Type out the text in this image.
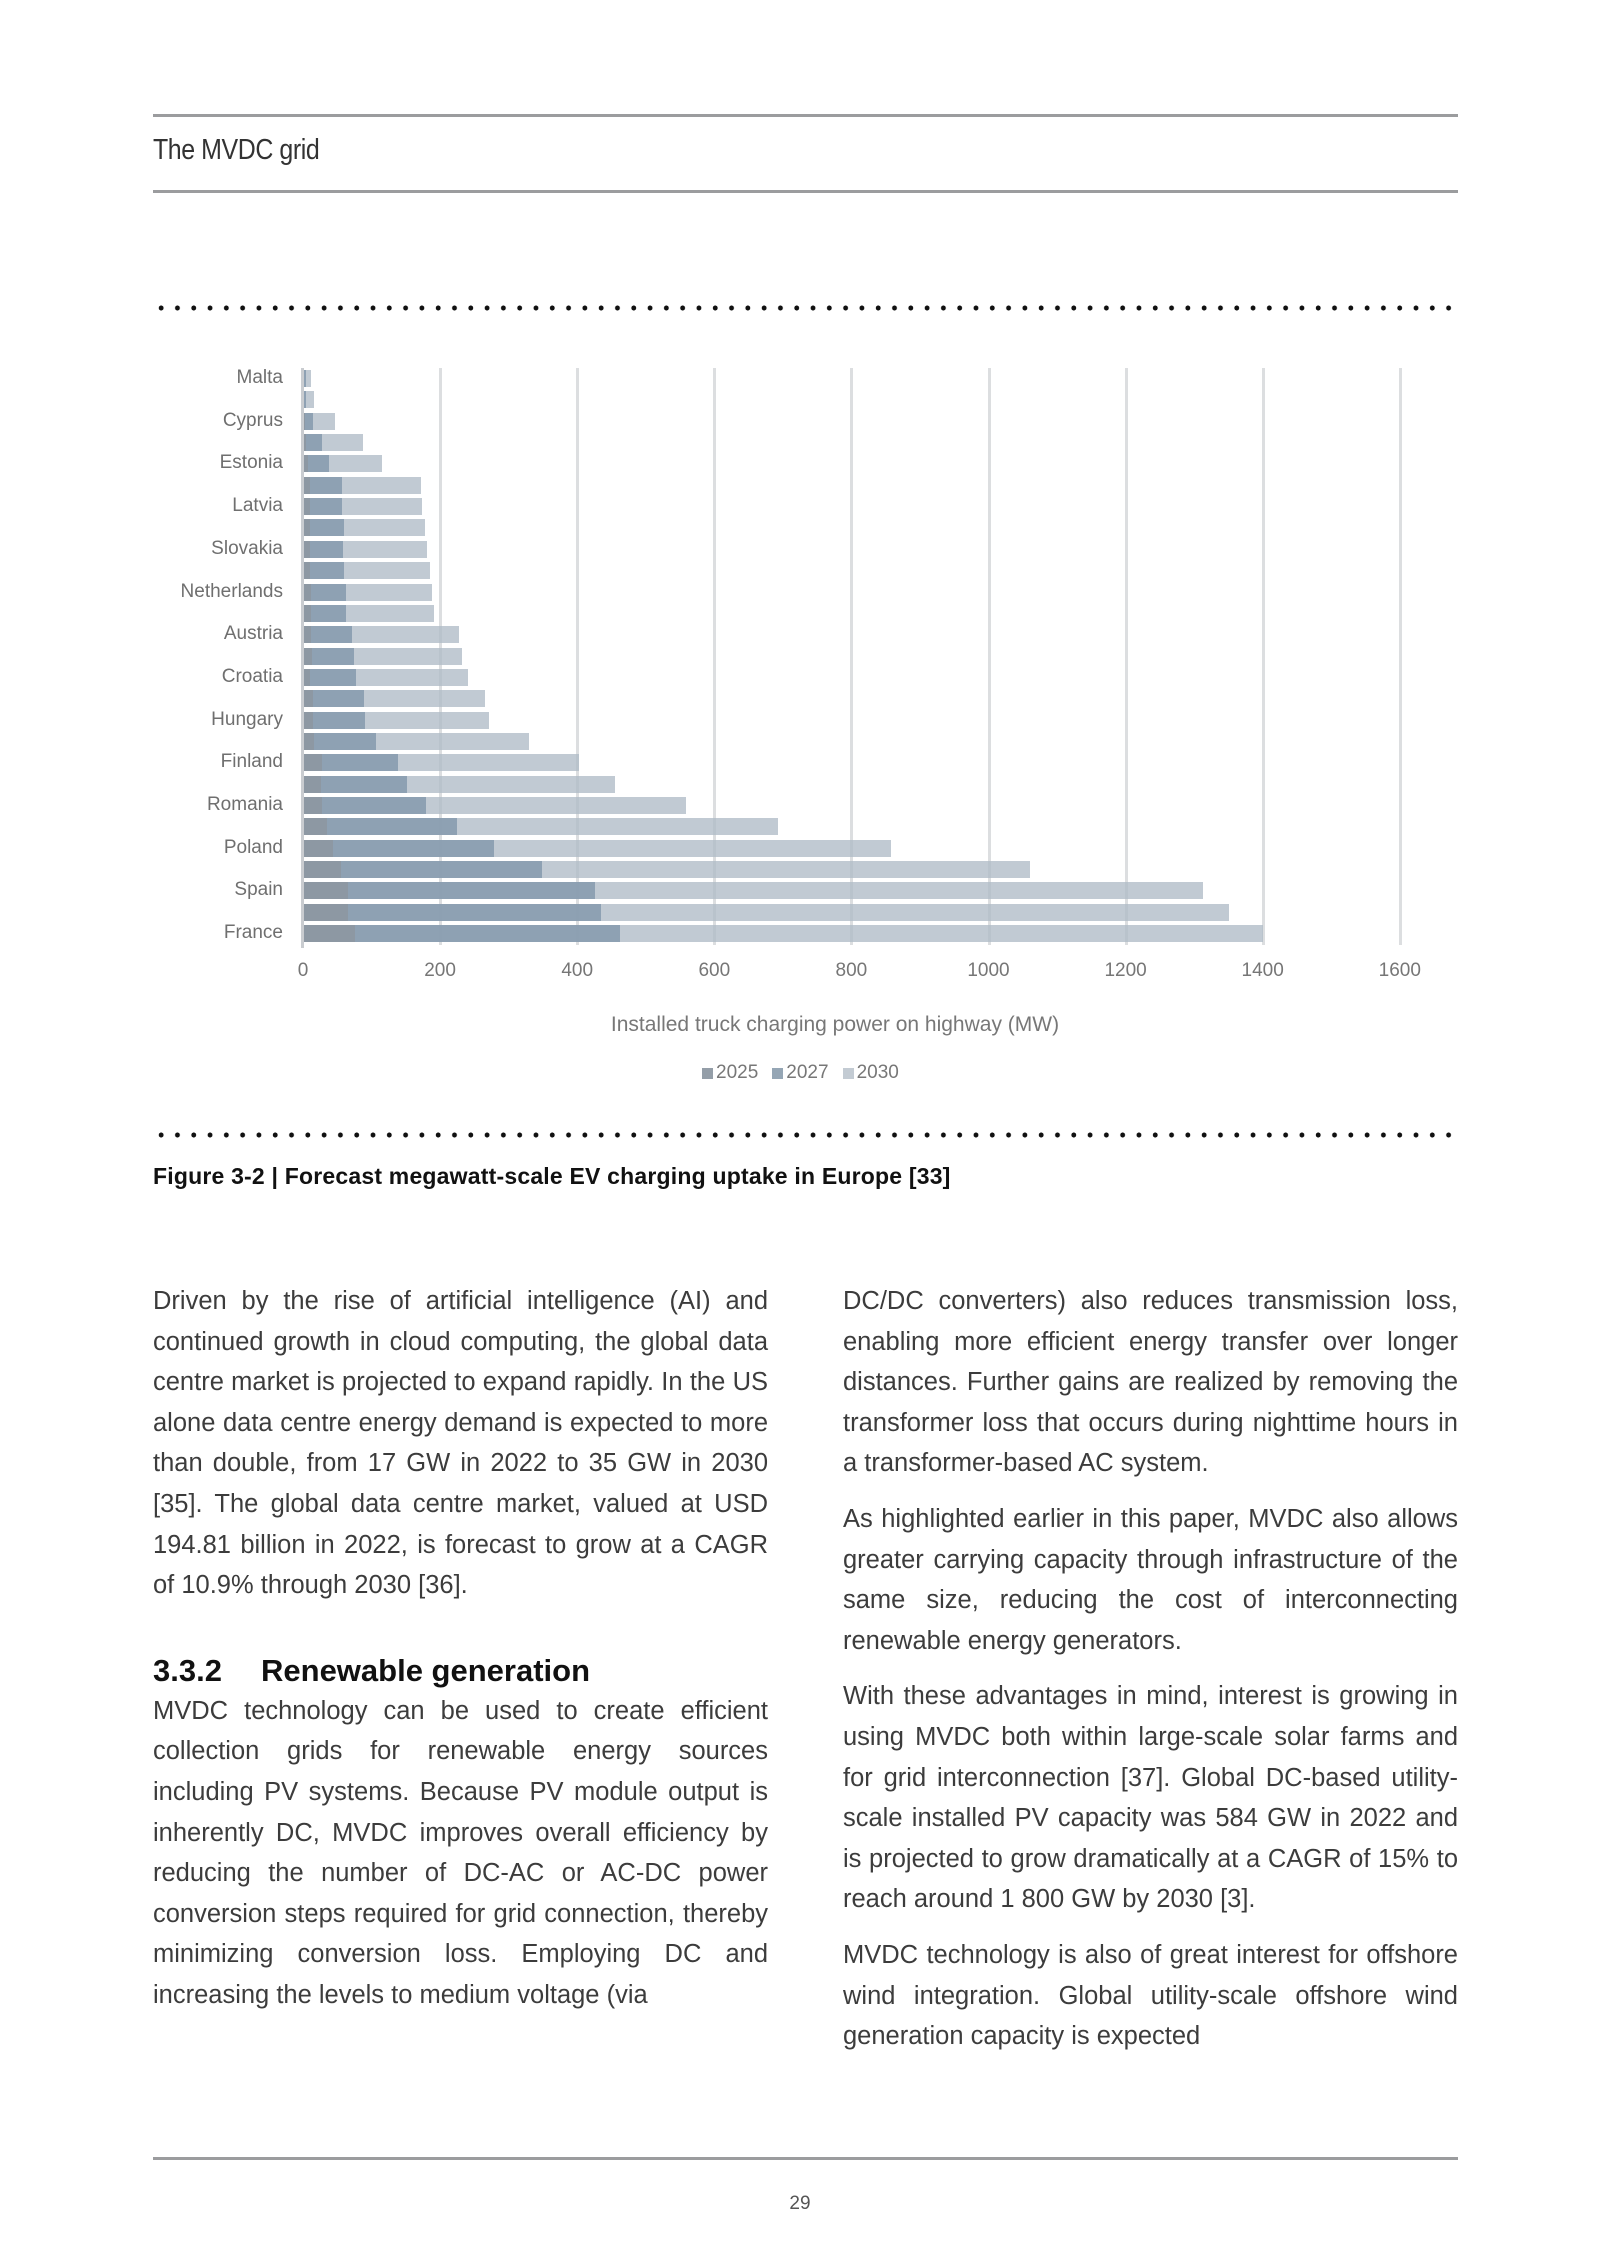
The MVDC grid
Malta
Cyprus
Estonia
Latvia
Slovakia
Netherlands
Austria
Croatia
Hungary
Finland
Romania
Poland
Spain
France
0	200	400	600	800	1000	1200	1400	1600
Installed truck charging power on highway (MW)
2025 2027 2030
Figure 3-2 | Forecast megawatt-scale EV charging uptake in Europe [33]

Driven by the rise of artificial intelligence (AI) and continued growth in cloud computing, the global data centre market is projected to expand rapidly. In the US alone data centre energy demand is expected to more than double, from 17 GW in 2022 to 35 GW in 2030 [35]. The global data centre market, valued at USD 194.81 billion in 2022, is forecast to grow at a CAGR of 10.9% through 2030 [36].

3.3.2 Renewable generation

MVDC technology can be used to create efficient collection grids for renewable energy sources including PV systems. Because PV module output is inherently DC, MVDC improves overall efficiency by reducing the number of DC-AC or AC-DC power conversion steps required for grid connection, thereby minimizing conversion loss. Employing DC and increasing the levels to medium voltage (via

DC/DC converters) also reduces transmission loss, enabling more efficient energy transfer over longer distances. Further gains are realized by removing the transformer loss that occurs during nighttime hours in a transformer-based AC system.

As highlighted earlier in this paper, MVDC also allows greater carrying capacity through infrastructure of the same size, reducing the cost of interconnecting renewable energy generators.

With these advantages in mind, interest is growing in using MVDC both within large-scale solar farms and for grid interconnection [37]. Global DC-based utility-scale installed PV capacity was 584 GW in 2022 and is projected to grow dramatically at a CAGR of 15% to reach around 1 800 GW by 2030 [3].

MVDC technology is also of great interest for offshore wind integration. Global utility-scale offshore wind generation capacity is expected

29
